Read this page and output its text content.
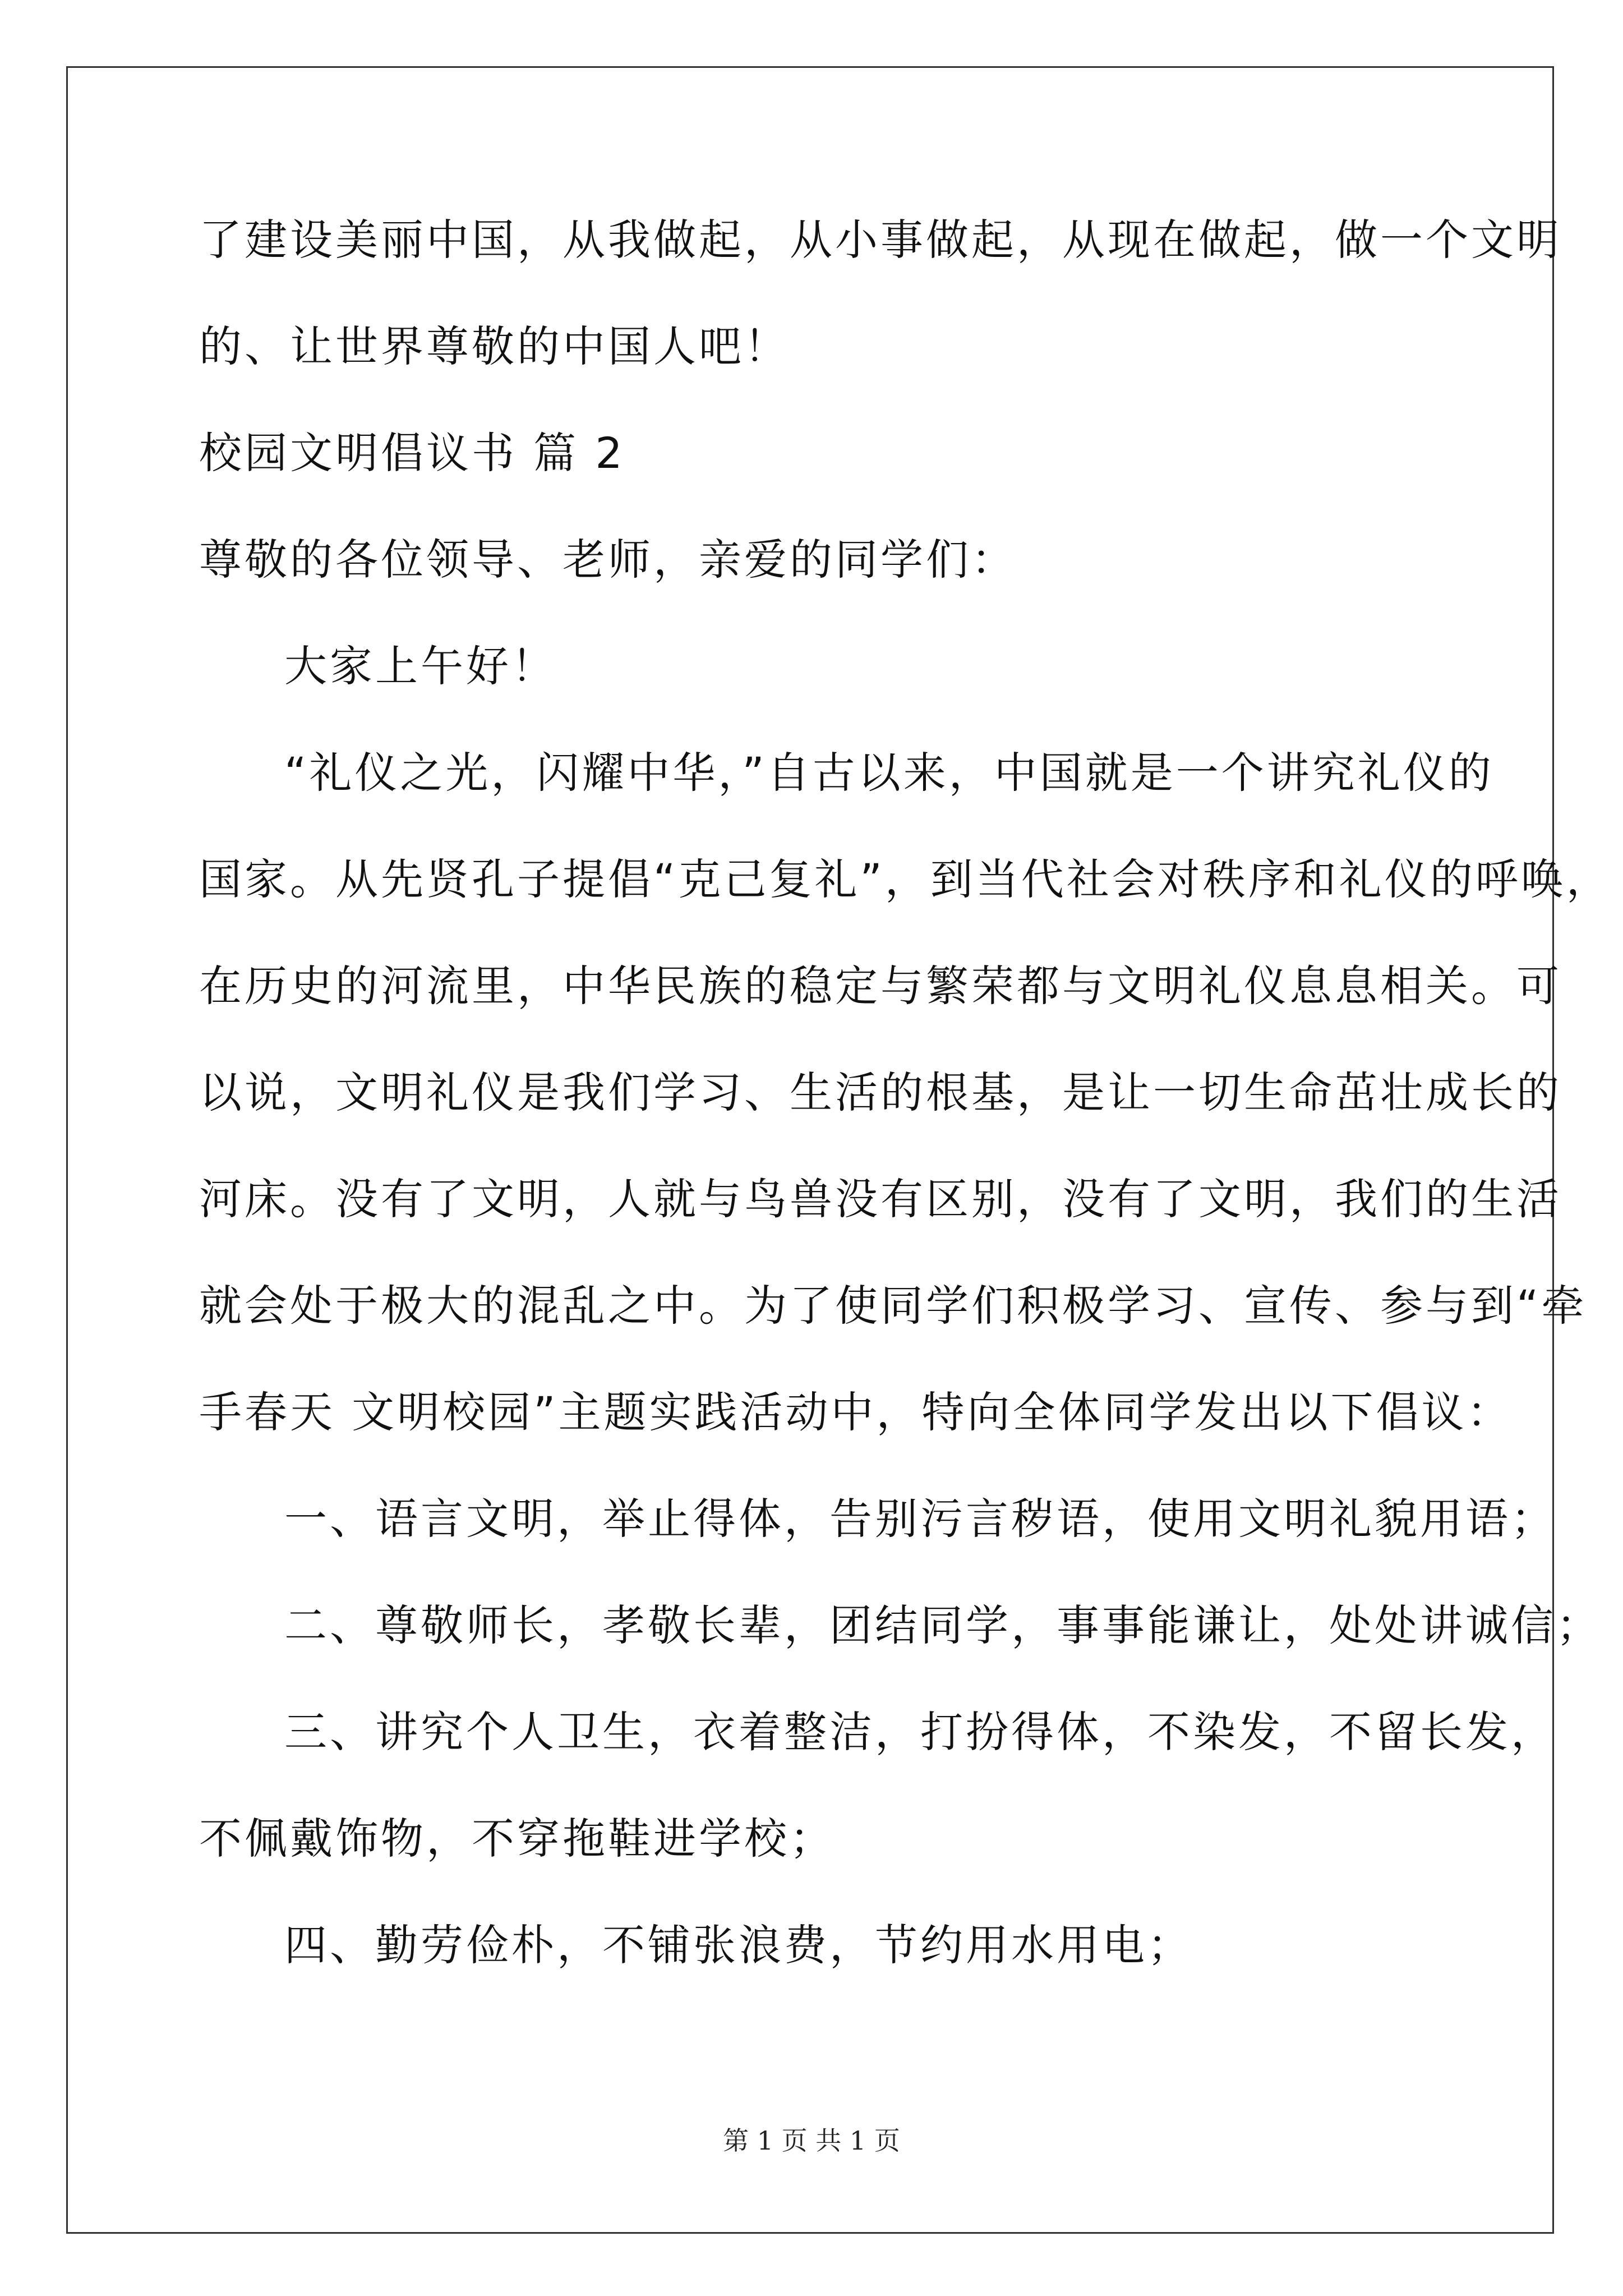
了建设美丽中国，从我做起，从小事做起，从现在做起，做一个文明
的、让世界尊敬的中国人吧！
校园文明倡议书 篇 2
尊敬的各位领导、老师，亲爱的同学们：
大家上午好！
“礼仪之光，闪耀中华，”自古以来，中国就是一个讲究礼仪的
国家。从先贤孔子提倡“克己复礼”，到当代社会对秩序和礼仪的呼唤，
在历史的河流里，中华民族的稳定与繁荣都与文明礼仪息息相关。可
以说，文明礼仪是我们学习、生活的根基，是让一切生命茁壮成长的
河床。没有了文明，人就与鸟兽没有区别，没有了文明，我们的生活
就会处于极大的混乱之中。为了使同学们积极学习、宣传、参与到“牵
手春天 文明校园”主题实践活动中，特向全体同学发出以下倡议：
一、语言文明，举止得体，告别污言秽语，使用文明礼貌用语；
二、尊敬师长，孝敬长辈，团结同学，事事能谦让，处处讲诚信；
三、讲究个人卫生，衣着整洁，打扮得体，不染发，不留长发，
不佩戴饰物，不穿拖鞋进学校；
四、勤劳俭朴，不铺张浪费，节约用水用电；
第 1 页 共 1 页
